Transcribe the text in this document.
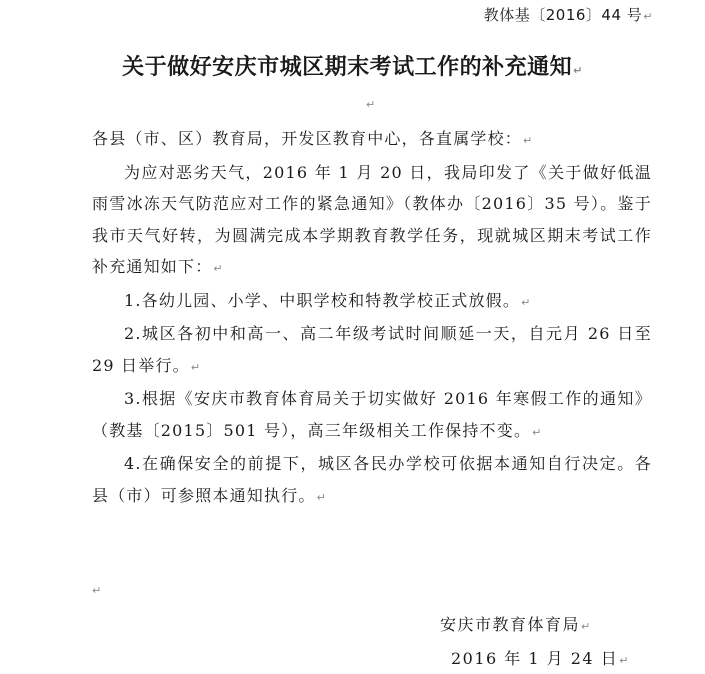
教体基〔2016〕44 号↵
关于做好安庆市城区期末考试工作的补充通知↵
↵

各县（市、区）教育局，开发区教育中心，各直属学校：↵

为应对恶劣天气，2016 年 1 月 20 日，我局印发了《关于做好低温雨雪冰冻天气防范应对工作的紧急通知》（教体办〔2016〕35 号）。鉴于我市天气好转，为圆满完成本学期教育教学任务，现就城区期末考试工作补充通知如下：↵

1.各幼儿园、小学、中职学校和特教学校正式放假。↵

2.城区各初中和高一、高二年级考试时间顺延一天，自元月 26 日至 29 日举行。↵

3.根据《安庆市教育体育局关于切实做好 2016 年寒假工作的通知》（教基〔2015〕501 号），高三年级相关工作保持不变。↵

4.在确保安全的前提下，城区各民办学校可依据本通知自行决定。各县（市）可参照本通知执行。↵

↵
安庆市教育体育局↵
2016 年 1 月 24 日↵
